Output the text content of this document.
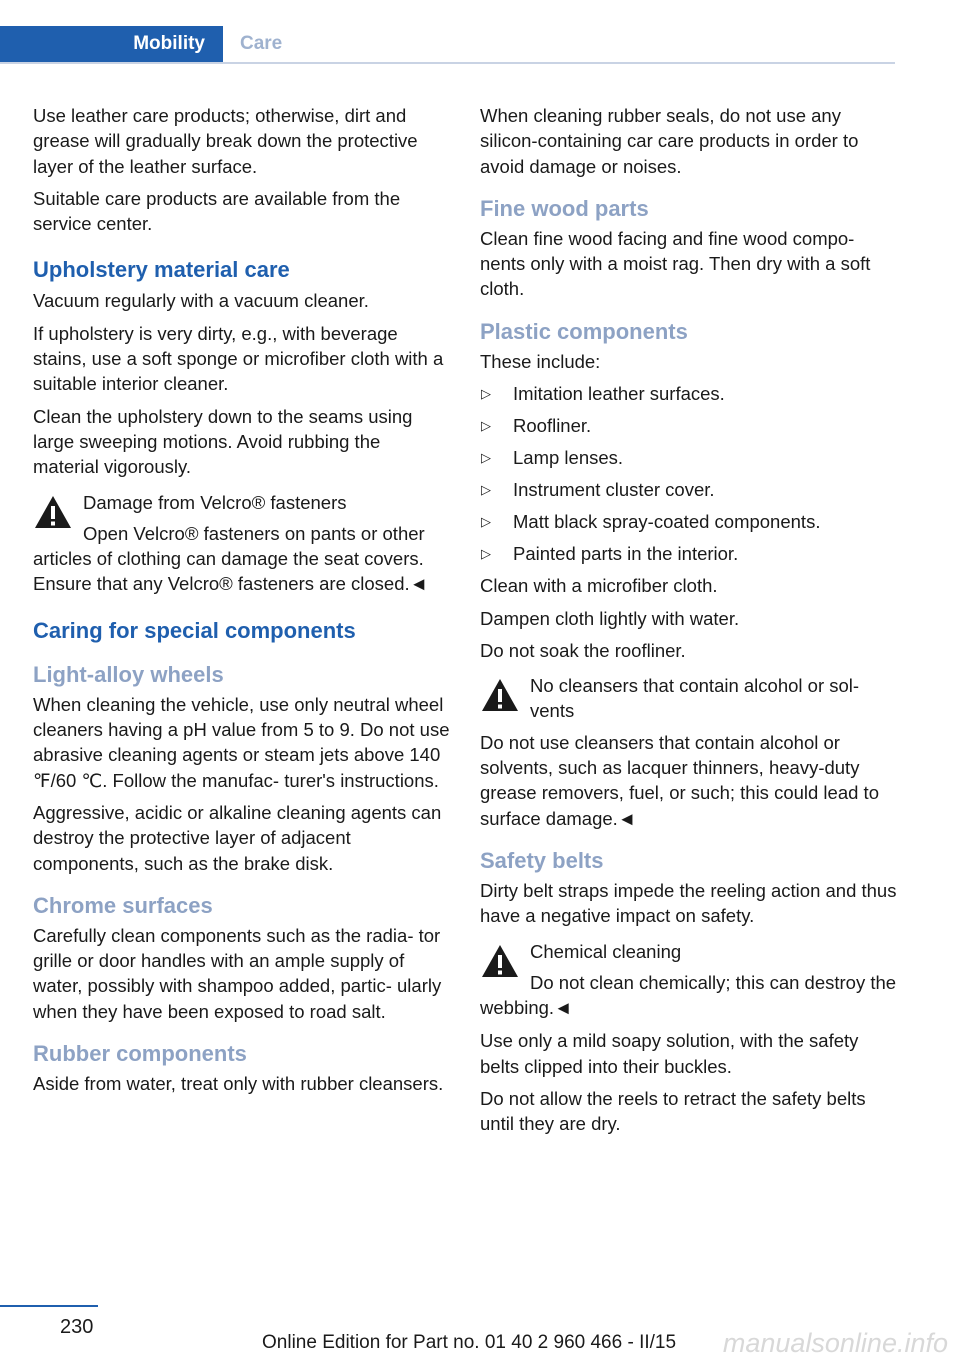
Mobility	Care

Use leather care products; otherwise, dirt and grease will gradually break down the protective layer of the leather surface.

Suitable care products are available from the service center.

Upholstery material care

Vacuum regularly with a vacuum cleaner.

If upholstery is very dirty, e.g., with beverage stains, use a soft sponge or microfiber cloth with a suitable interior cleaner.

Clean the upholstery down to the seams using large sweeping motions. Avoid rubbing the material vigorously.

Damage from Velcro® fasteners
Open Velcro® fasteners on pants or other articles of clothing can damage the seat covers. Ensure that any Velcro® fasteners are closed.◄
Caring for special components
Light-alloy wheels

When cleaning the vehicle, use only neutral wheel cleaners having a pH value from 5 to 9. Do not use abrasive cleaning agents or steam jets above 140 ℉/60 ℃. Follow the manufac‐ turer's instructions.

Aggressive, acidic or alkaline cleaning agents can destroy the protective layer of adjacent components, such as the brake disk.

Chrome surfaces

Carefully clean components such as the radia‐ tor grille or door handles with an ample supply of water, possibly with shampoo added, partic‐ ularly when they have been exposed to road salt.

Rubber components

Aside from water, treat only with rubber cleansers.

When cleaning rubber seals, do not use any silicon-containing car care products in order to avoid damage or noises.

Fine wood parts

Clean fine wood facing and fine wood compo‐ nents only with a moist rag. Then dry with a soft cloth.

Plastic components

These include:

▷ Imitation leather surfaces.
▷ Roofliner.
▷ Lamp lenses.
▷ Instrument cluster cover.
▷ Matt black spray-coated components.
▷ Painted parts in the interior.

Clean with a microfiber cloth.

Dampen cloth lightly with water.

Do not soak the roofliner.

No cleansers that contain alcohol or sol‐ vents
Do not use cleansers that contain alcohol or solvents, such as lacquer thinners, heavy-duty grease removers, fuel, or such; this could lead to surface damage.◄
Safety belts

Dirty belt straps impede the reeling action and thus have a negative impact on safety.

Chemical cleaning
Do not clean chemically; this can destroy the webbing.◄

Use only a mild soapy solution, with the safety belts clipped into their buckles.

Do not allow the reels to retract the safety belts until they are dry.

230
Online Edition for Part no. 01 40 2 960 466 - II/15 manualsonline.info
